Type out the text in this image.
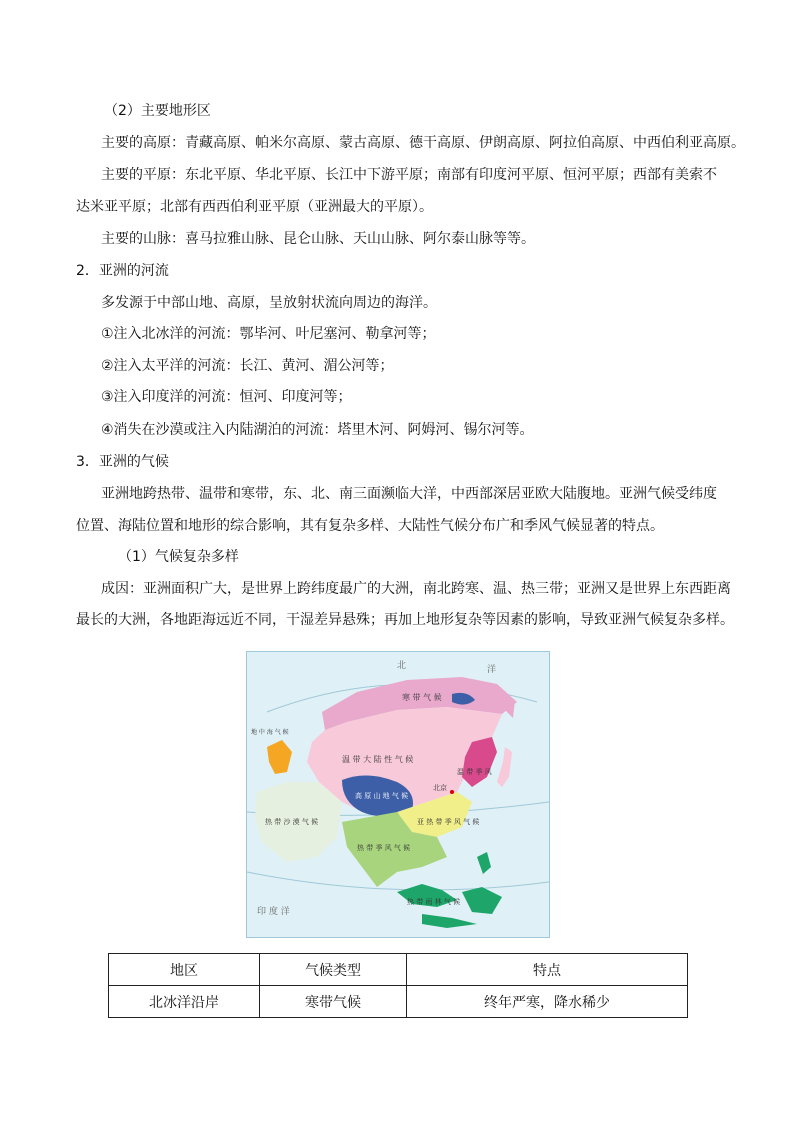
（2）主要地形区
主要的高原：青藏高原、帕米尔高原、蒙古高原、德干高原、伊朗高原、阿拉伯高原、中西伯利亚高原。
主要的平原：东北平原、华北平原、长江中下游平原；南部有印度河平原、恒河平原；西部有美索不
达米亚平原；北部有西西伯利亚平原（亚洲最大的平原）。
主要的山脉：喜马拉雅山脉、昆仑山脉、天山山脉、阿尔泰山脉等等。
2．亚洲的河流
多发源于中部山地、高原，呈放射状流向周边的海洋。
①注入北冰洋的河流：鄂毕河、叶尼塞河、勒拿河等；
②注入太平洋的河流：长江、黄河、湄公河等；
③注入印度洋的河流：恒河、印度河等；
④消失在沙漠或注入内陆湖泊的河流：塔里木河、阿姆河、锡尔河等。
3．亚洲的气候
亚洲地跨热带、温带和寒带，东、北、南三面濒临大洋，中西部深居亚欧大陆腹地。亚洲气候受纬度
位置、海陆位置和地形的综合影响，其有复杂多样、大陆性气候分布广和季风气候显著的特点。
（1）气候复杂多样
成因：亚洲面积广大，是世界上跨纬度最广的大洲，南北跨寒、温、热三带；亚洲又是世界上东西距离
最长的大洲，各地距海远近不同，干湿差异悬殊；再加上地形复杂等因素的影响，导致亚洲气候复杂多样。
北	洋
寒 带 气 候
温 带 大 陆 性 气 候
高 原 山 地 气 候
热 带 沙 漠 气 候	亚 热 带 季 风 气 候
热 带 季 风 气 候
热 带 雨 林 气 候
温 带 季 风
地 中 海 气 候
北京
印 度 洋
地区	气候类型	特点
北冰洋沿岸	寒带气候	终年严寒，降水稀少
